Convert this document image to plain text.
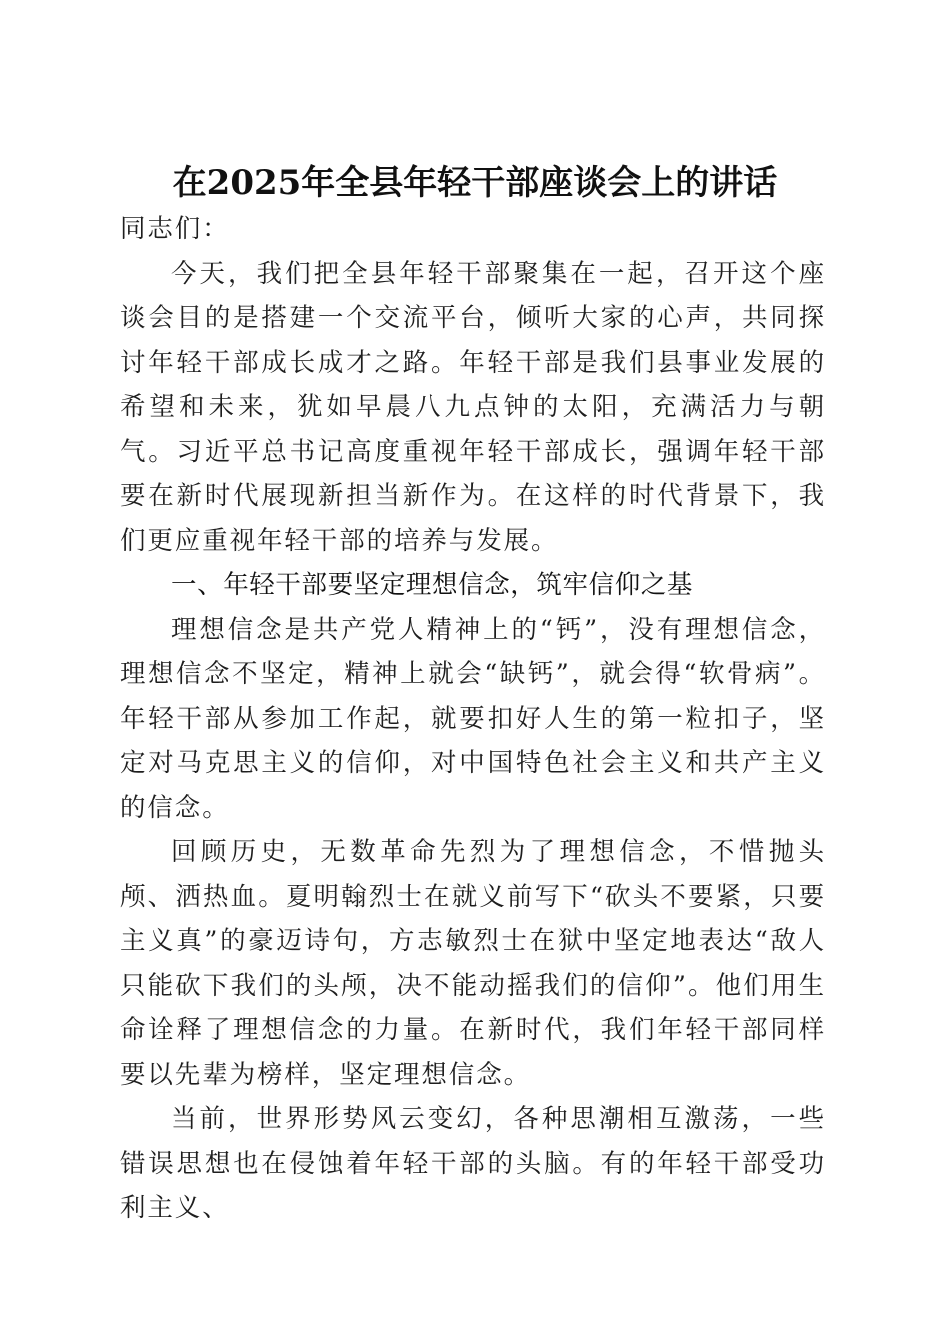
在2025年全县年轻干部座谈会上的讲话

同志们：

今天，我们把全县年轻干部聚集在一起，召开这个座谈会目的是搭建一个交流平台，倾听大家的心声，共同探讨年轻干部成长成才之路。年轻干部是我们县事业发展的希望和未来，犹如早晨八九点钟的太阳，充满活力与朝气。习近平总书记高度重视年轻干部成长，强调年轻干部要在新时代展现新担当新作为。在这样的时代背景下，我们更应重视年轻干部的培养与发展。

一、年轻干部要坚定理想信念，筑牢信仰之基

理想信念是共产党人精神上的“钙”，没有理想信念，理想信念不坚定，精神上就会“缺钙”，就会得“软骨病”。年轻干部从参加工作起，就要扣好人生的第一粒扣子，坚定对马克思主义的信仰，对中国特色社会主义和共产主义的信念。

回顾历史，无数革命先烈为了理想信念，不惜抛头颅、洒热血。夏明翰烈士在就义前写下“砍头不要紧，只要主义真”的豪迈诗句，方志敏烈士在狱中坚定地表达“敌人只能砍下我们的头颅，决不能动摇我们的信仰”。他们用生命诠释了理想信念的力量。在新时代，我们年轻干部同样要以先辈为榜样，坚定理想信念。

当前，世界形势风云变幻，各种思潮相互激荡，一些错误思想也在侵蚀着年轻干部的头脑。有的年轻干部受功利主义、
